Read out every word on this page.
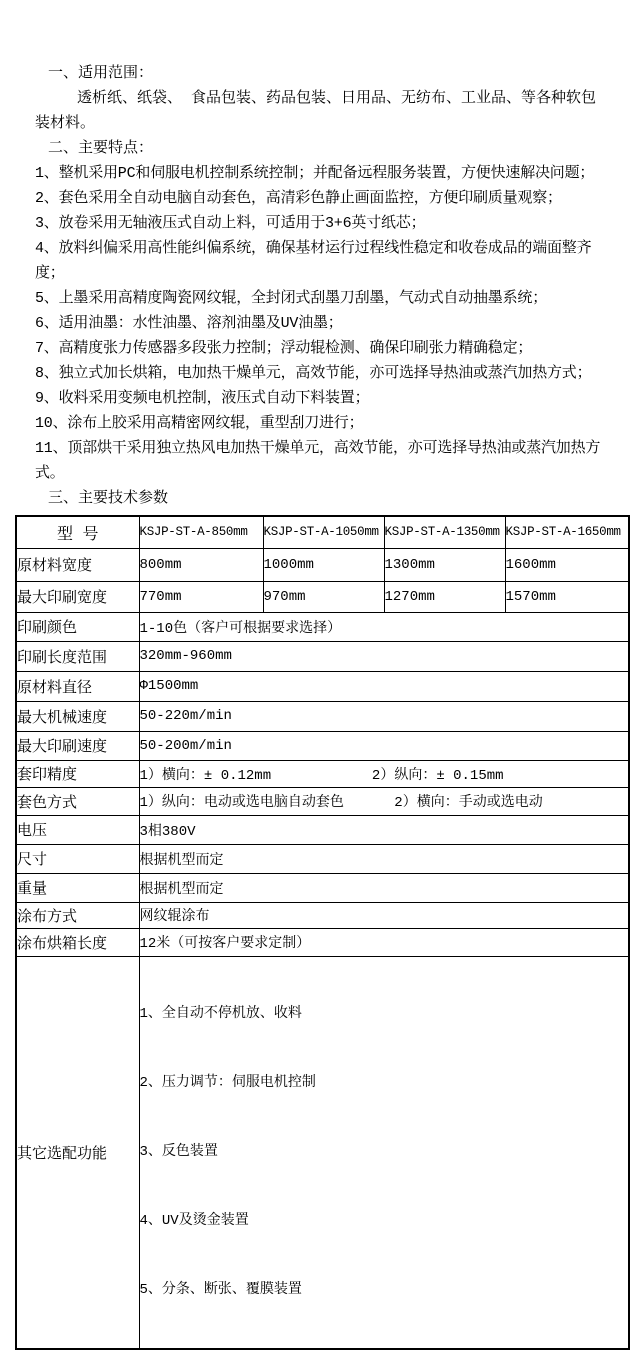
一、适用范围：

透析纸、纸袋、 食品包装、药品包装、日用品、无纺布、工业品、等各种软包装材料。

二、主要特点：
1、整机采用PC和伺服电机控制系统控制；并配备远程服务装置，方便快速解决问题；
2、套色采用全自动电脑自动套色，高清彩色静止画面监控，方便印刷质量观察；
3、放卷采用无轴液压式自动上料，可适用于3+6英寸纸芯；
4、放料纠偏采用高性能纠偏系统，确保基材运行过程线性稳定和收卷成品的端面整齐度；
5、上墨采用高精度陶瓷网纹辊，全封闭式刮墨刀刮墨，气动式自动抽墨系统；
6、适用油墨：水性油墨、溶剂油墨及UV油墨；
7、高精度张力传感器多段张力控制；浮动辊检测、确保印刷张力精确稳定；
8、独立式加长烘箱，电加热干燥单元，高效节能，亦可选择导热油或蒸汽加热方式；
9、收料采用变频电机控制，液压式自动下料装置；
10、涂布上胶采用高精密网纹辊，重型刮刀进行；
11、顶部烘干采用独立热风电加热干燥单元，高效节能，亦可选择导热油或蒸汽加热方式。
三、主要技术参数
型 号	KSJP-ST-A-850mm	KSJP-ST-A-1050mm	KSJP-ST-A-1350mm	KSJP-ST-A-1650mm
原材料宽度	800mm	1000mm	1300mm	1600mm
最大印刷宽度	770mm	970mm	1270mm	1570mm
印刷颜色	1-10色（客户可根据要求选择）			
印刷长度范围	320mm-960mm			
原材料直径	Φ1500mm			
最大机械速度	50-220m/min			
最大印刷速度	50-200m/min			
套印精度	1）横向：± 0.12mm            2）纵向：± 0.15mm			
套色方式	1）纵向：电动或选电脑自动套色      2）横向：手动或选电动			
电压	3相380V			
尺寸	根据机型而定			
重量	根据机型而定			
涂布方式	网纹辊涂布			
涂布烘箱长度	12米（可按客户要求定制）			
其它选配功能	1、全自动不停机放、收料

2、压力调节：伺服电机控制

3、反色装置

4、UV及烫金装置

5、分条、断张、覆膜装置			
